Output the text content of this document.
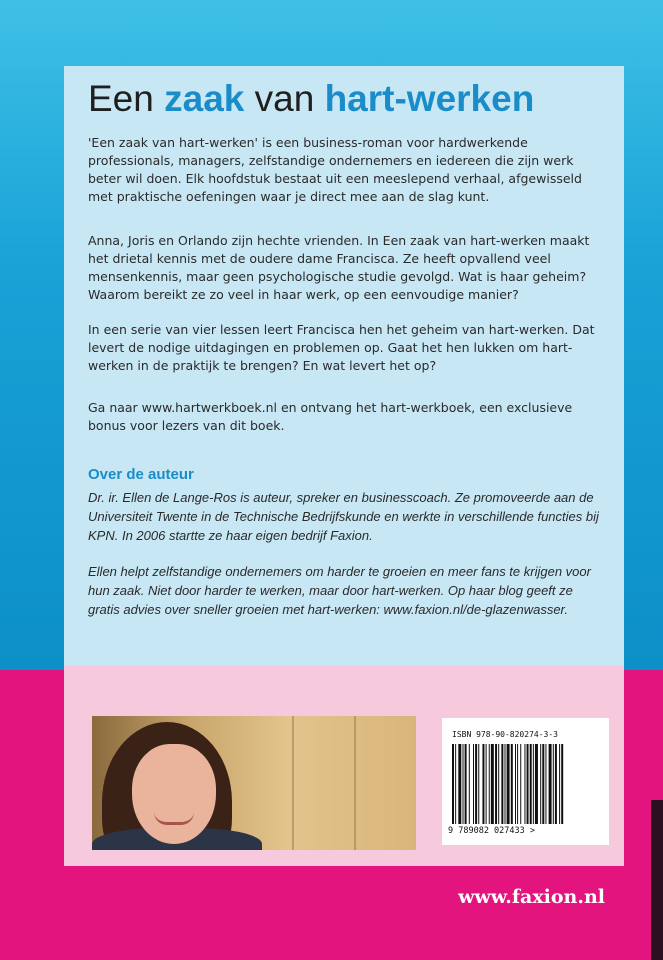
Een zaak van hart-werken

'Een zaak van hart-werken' is een business-roman voor hardwerkende professionals, managers, zelfstandige ondernemers en iedereen die zijn werk beter wil doen. Elk hoofdstuk bestaat uit een meeslepend verhaal, afgewisseld met praktische oefeningen waar je direct mee aan de slag kunt.

Anna, Joris en Orlando zijn hechte vrienden. In Een zaak van hart-werken maakt het drietal kennis met de oudere dame Francisca. Ze heeft opvallend veel mensenkennis, maar geen psychologische studie gevolgd. Wat is haar geheim? Waarom bereikt ze zo veel in haar werk, op een eenvoudige manier?

In een serie van vier lessen leert Francisca hen het geheim van hart-werken. Dat levert de nodige uitdagingen en problemen op. Gaat het hen lukken om hart-werken in de praktijk te brengen? En wat levert het op?

Ga naar www.hartwerkboek.nl en ontvang het hart-werkboek, een exclusieve bonus voor lezers van dit boek.

Over de auteur

Dr. ir. Ellen de Lange-Ros is auteur, spreker en businesscoach. Ze promoveerde aan de Universiteit Twente in de Technische Bedrijfskunde en werkte in verschillende functies bij KPN. In 2006 startte ze haar eigen bedrijf Faxion.

Ellen helpt zelfstandige ondernemers om harder te groeien en meer fans te krijgen voor hun zaak. Niet door harder te werken, maar door hart-werken. Op haar blog geeft ze gratis advies over sneller groeien met hart-werken: www.faxion.nl/de-glazenwasser.

ISBN 978-90-820274-3-3
9 789082 027433 >

www.faxion.nl
